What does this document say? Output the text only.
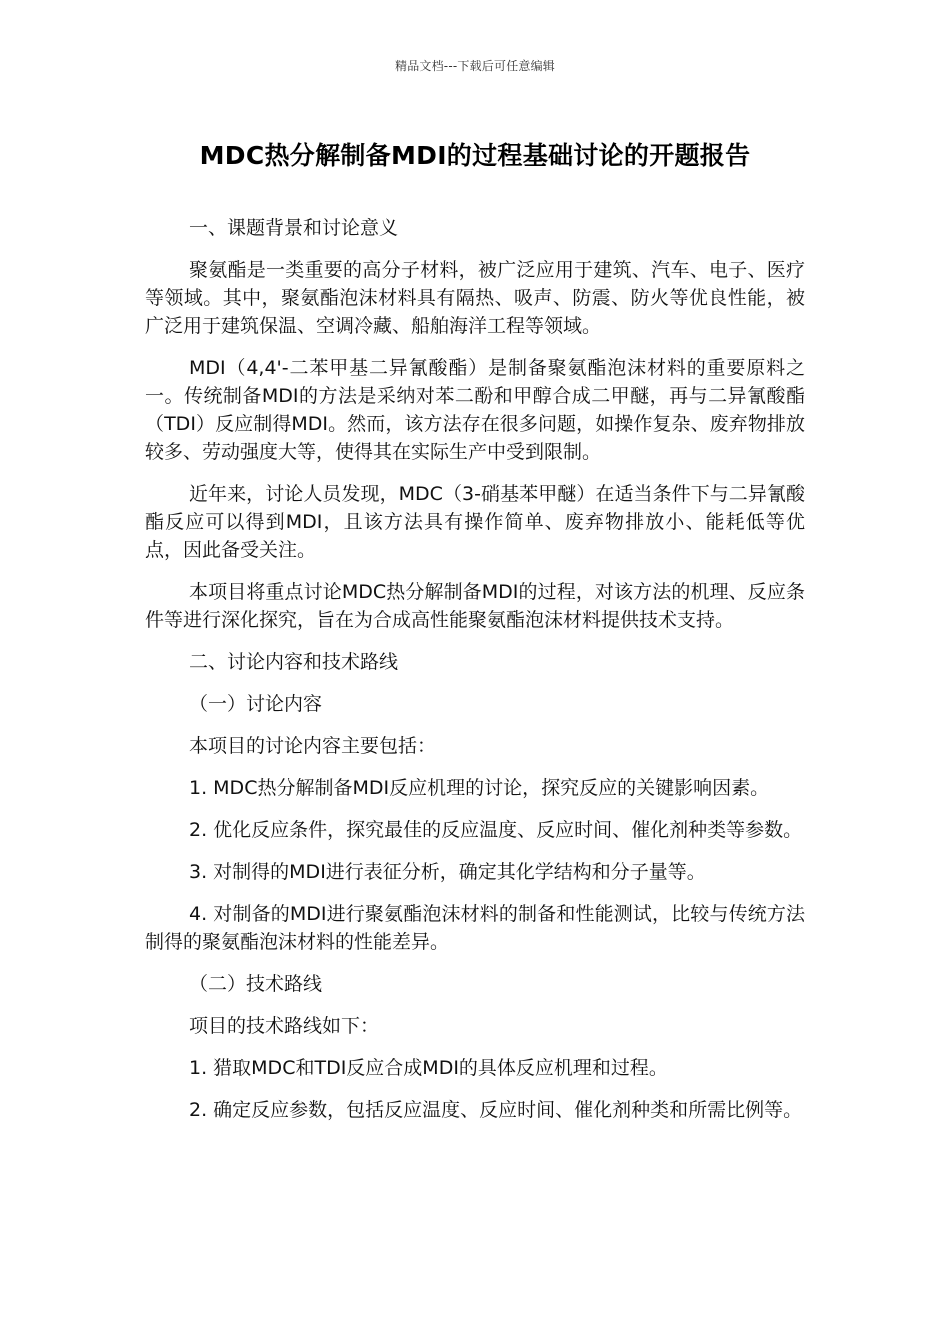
精品文档---下载后可任意编辑
MDC热分解制备MDI的过程基础讨论的开题报告

一、课题背景和讨论意义

聚氨酯是一类重要的高分子材料，被广泛应用于建筑、汽车、电子、医疗等领域。其中，聚氨酯泡沫材料具有隔热、吸声、防震、防火等优良性能，被广泛用于建筑保温、空调冷藏、船舶海洋工程等领域。

MDI（4,4'-二苯甲基二异氰酸酯）是制备聚氨酯泡沫材料的重要原料之一。传统制备MDI的方法是采纳对苯二酚和甲醇合成二甲醚，再与二异氰酸酯（TDI）反应制得MDI。然而，该方法存在很多问题，如操作复杂、废弃物排放较多、劳动强度大等，使得其在实际生产中受到限制。

近年来，讨论人员发现，MDC（3-硝基苯甲醚）在适当条件下与二异氰酸酯反应可以得到MDI，且该方法具有操作简单、废弃物排放小、能耗低等优点，因此备受关注。

本项目将重点讨论MDC热分解制备MDI的过程，对该方法的机理、反应条件等进行深化探究，旨在为合成高性能聚氨酯泡沫材料提供技术支持。

二、讨论内容和技术路线

（一）讨论内容

本项目的讨论内容主要包括：

1. MDC热分解制备MDI反应机理的讨论，探究反应的关键影响因素。

2. 优化反应条件，探究最佳的反应温度、反应时间、催化剂种类等参数。

3. 对制得的MDI进行表征分析，确定其化学结构和分子量等。

4. 对制备的MDI进行聚氨酯泡沫材料的制备和性能测试，比较与传统方法制得的聚氨酯泡沫材料的性能差异。

（二）技术路线

项目的技术路线如下：

1. 猎取MDC和TDI反应合成MDI的具体反应机理和过程。

2. 确定反应参数，包括反应温度、反应时间、催化剂种类和所需比例等。
